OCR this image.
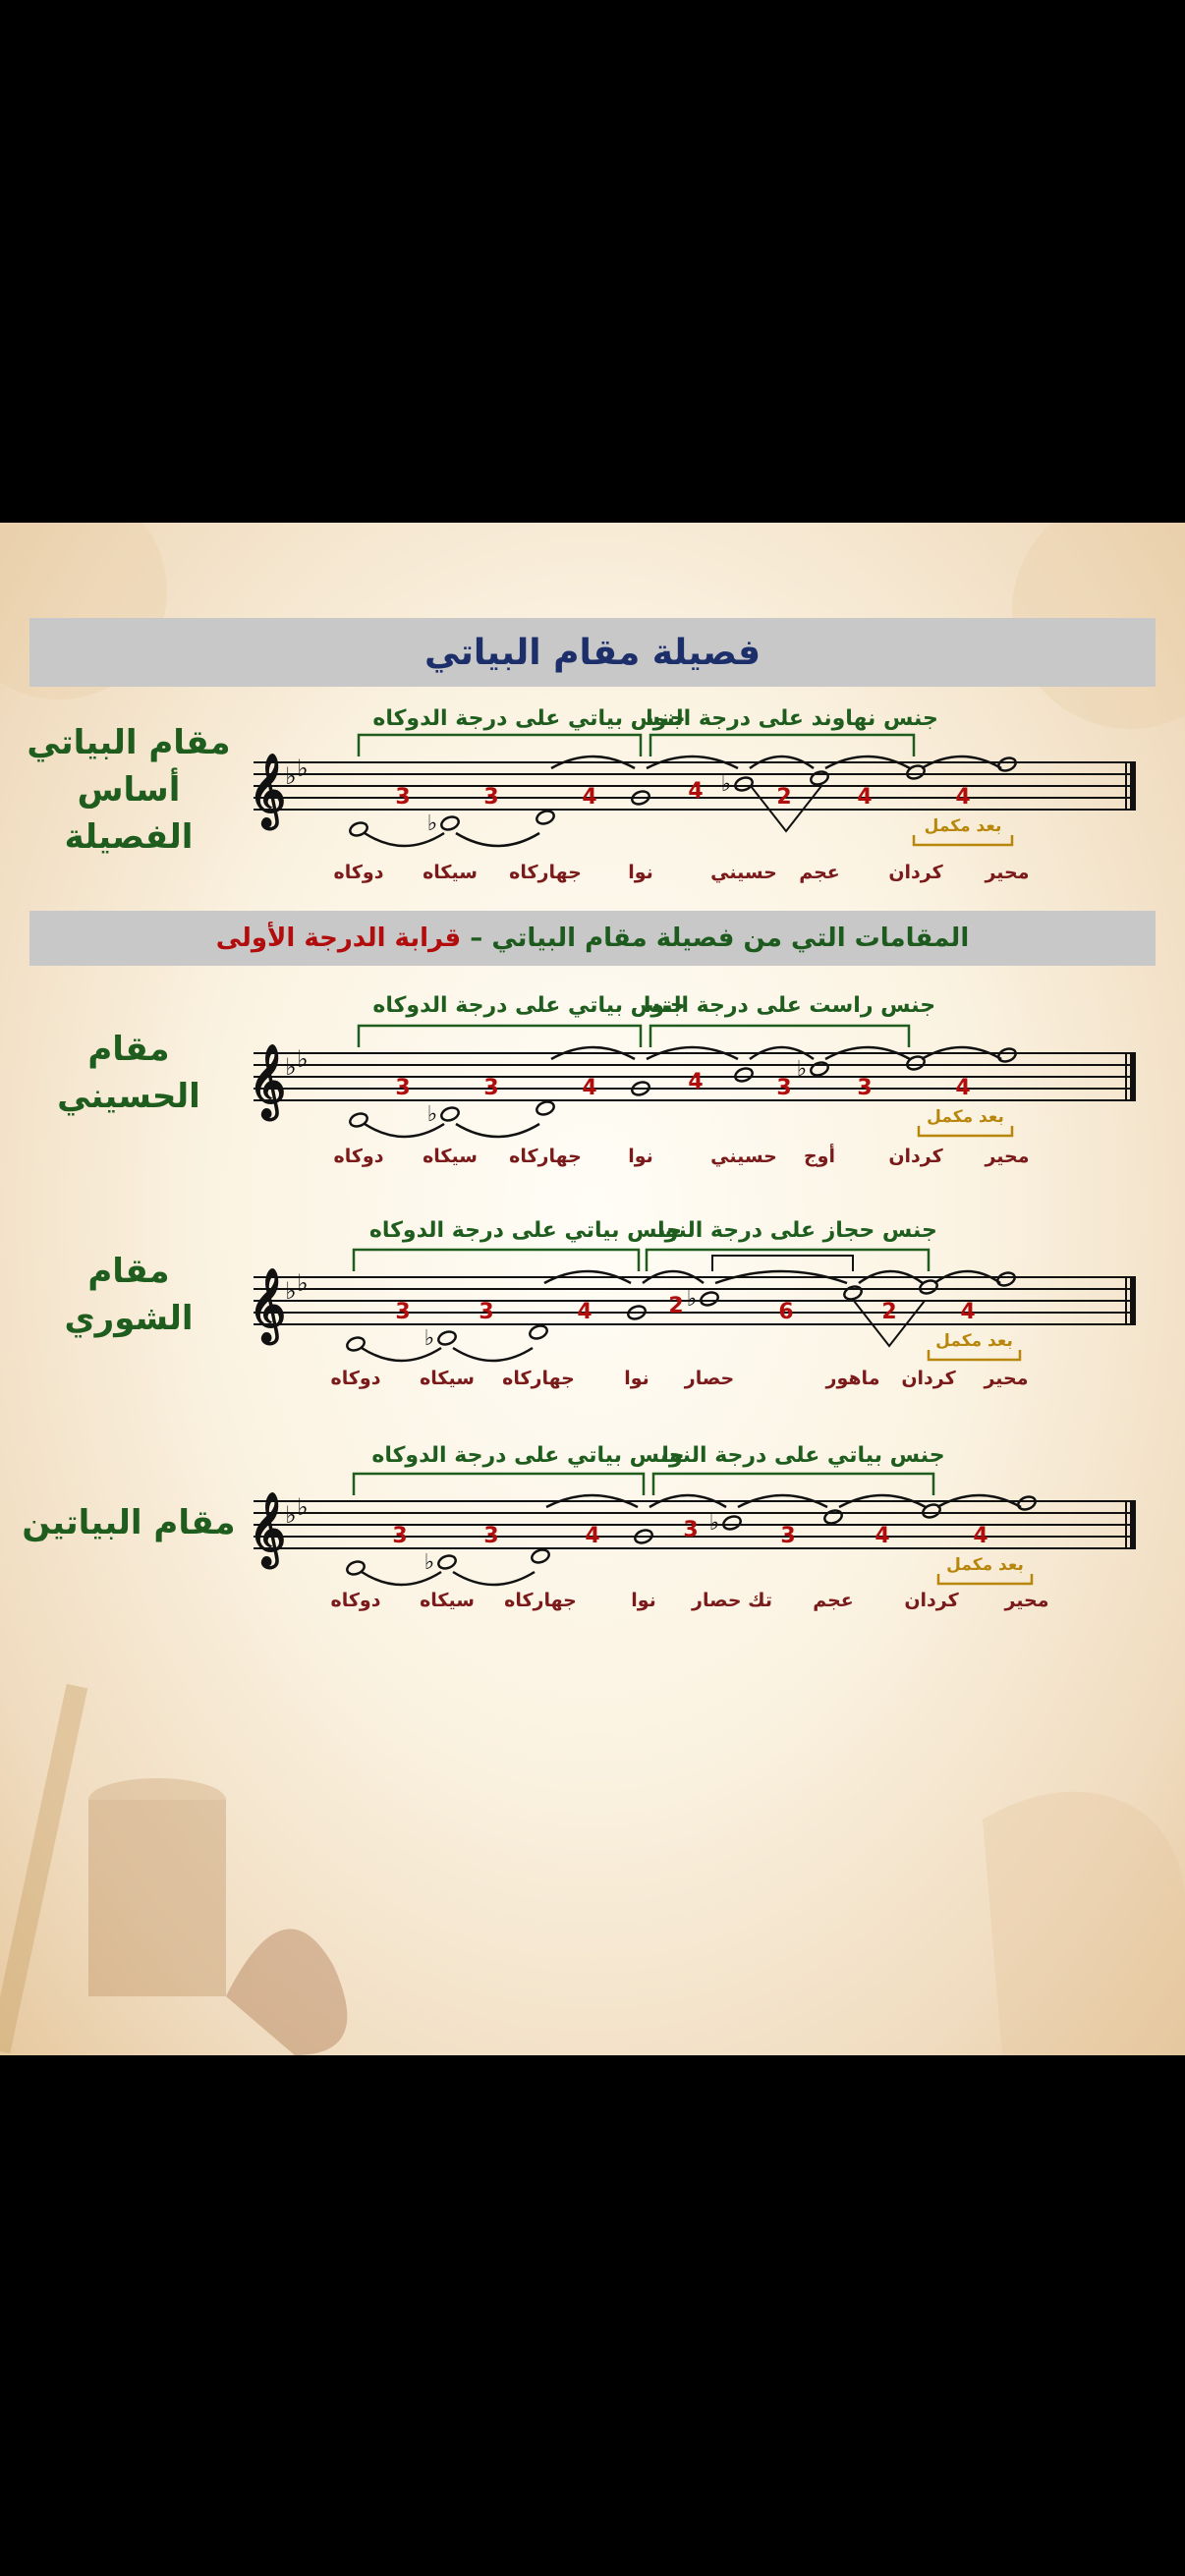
فصيلة مقام البياتي
المقامات التي من فصيلة مقام البياتي –

قرابة الدرجة الأولى
مقام البياتي
أساس
الفصيلة
مقام
الحسيني
مقام
الشوري
مقام البياتين
𝄞 ♭ ♭
♭
♭
3	3	4	4	2	4	4
جنس بياتي على درجة الدوكاه
جنس نهاوند على درجة النوا
بعد مكمل
دوكاه سيكاه جهاركاه نوا	حسيني عجم	كردان محير
𝄞 ♭ ♭
♭
♭
3	3	4	4	3	3	4
جنس بياتي على درجة الدوكاه
جنس راست على درجة النوا
بعد مكمل
دوكاه سيكاه جهاركاه نوا	حسيني أوج	كردان محير
𝄞 ♭ ♭
♭
♭
3	3	4	2	6	2	4
جنس بياتي على درجة الدوكاه
جنس حجاز على درجة النوا
بعد مكمل
دوكاه سيكاه جهاركاه	نوا حصار	ماهور كردان محير
𝄞 ♭ ♭
♭
♭
3	3	4	3	3	4	4
جنس بياتي على درجة الدوكاه
جنس بياتي على درجة النوا
بعد مكمل
دوكاه سيكاه جهاركاه	نوا تك حصار عجم	كردان محير
